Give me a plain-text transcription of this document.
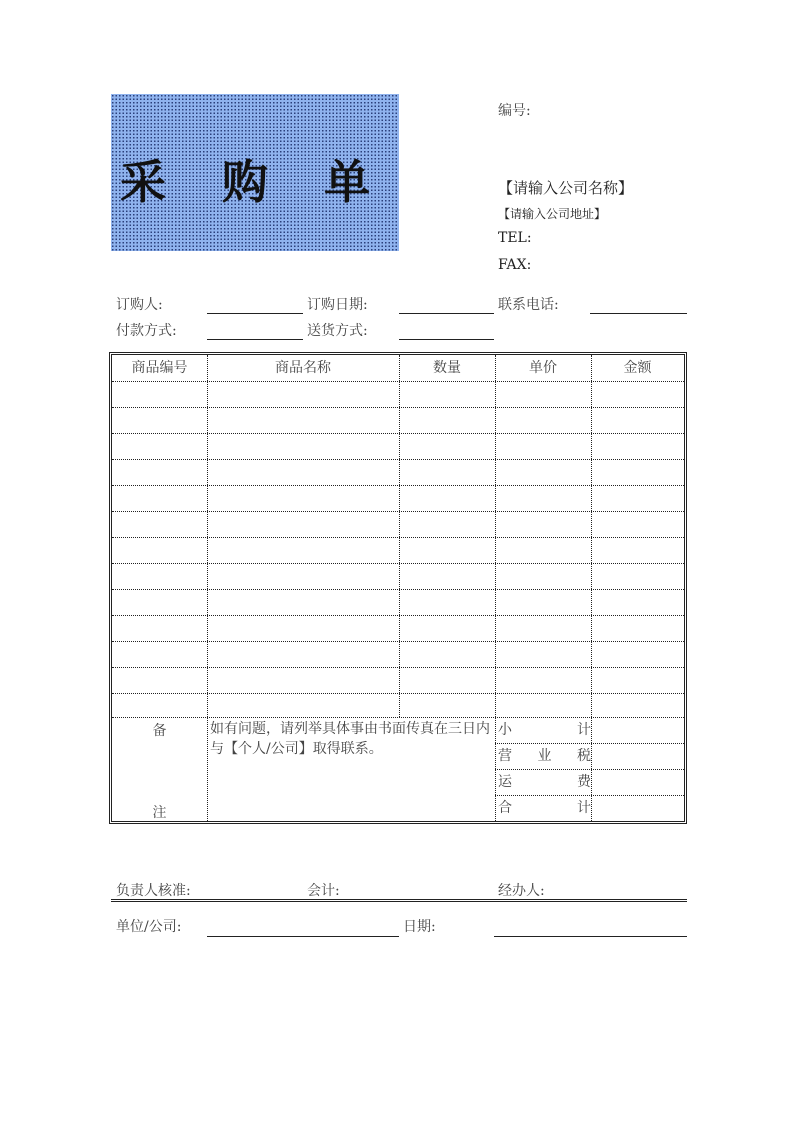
采 购 单
编号:
【请输入公司名称】
【请输入公司地址】
TEL:
FAX:
订购人:	订购日期:	联系电话:
付款方式:	送货方式:
商品编号	商品名称	数量	单价	金额
备
注
如有问题，请列举具体事由书面传真在三日内与【个人/公司】取得联系。
小	计
营 业 税
运	费
合	计
负责人核准:	会计:	经办人:
单位/公司:	日期:
